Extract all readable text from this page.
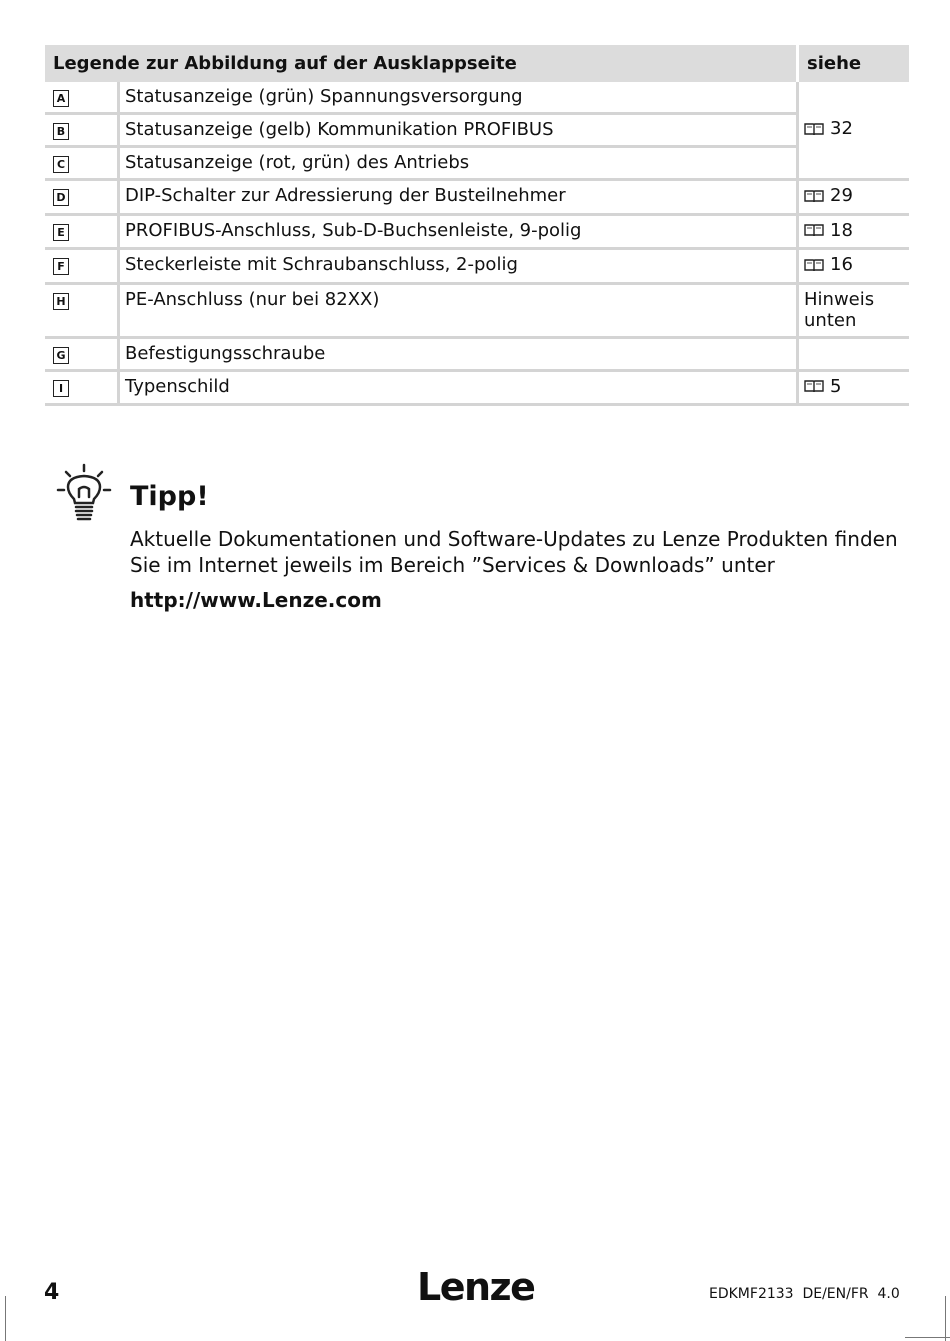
Legende zur Abbildung auf der Ausklappseite		siehe
A	Statusanzeige (grün) Spannungsversorgung	32

B	Statusanzeige (gelb) Kommunikation PROFIBUS	
C	Statusanzeige (rot, grün) des Antriebs	
D	DIP-Schalter zur Adressierung der Busteilnehmer	29

E	PROFIBUS-Anschluss, Sub-D-Buchsenleiste, 9-polig	18

F	Steckerleiste mit Schraubanschluss, 2-polig	16

H	PE-Anschluss (nur bei 82XX)	Hinweis
unten

G	Befestigungsschraube	
I	Typenschild	5
Tipp!
Aktuelle Dokumentationen und Software-Updates zu Lenze Produkten finden
Sie im Internet jeweils im Bereich ”Services & Downloads” unter
http://www.Lenze.com
4	Lenze	EDKMF2133  DE/EN/FR  4.0
